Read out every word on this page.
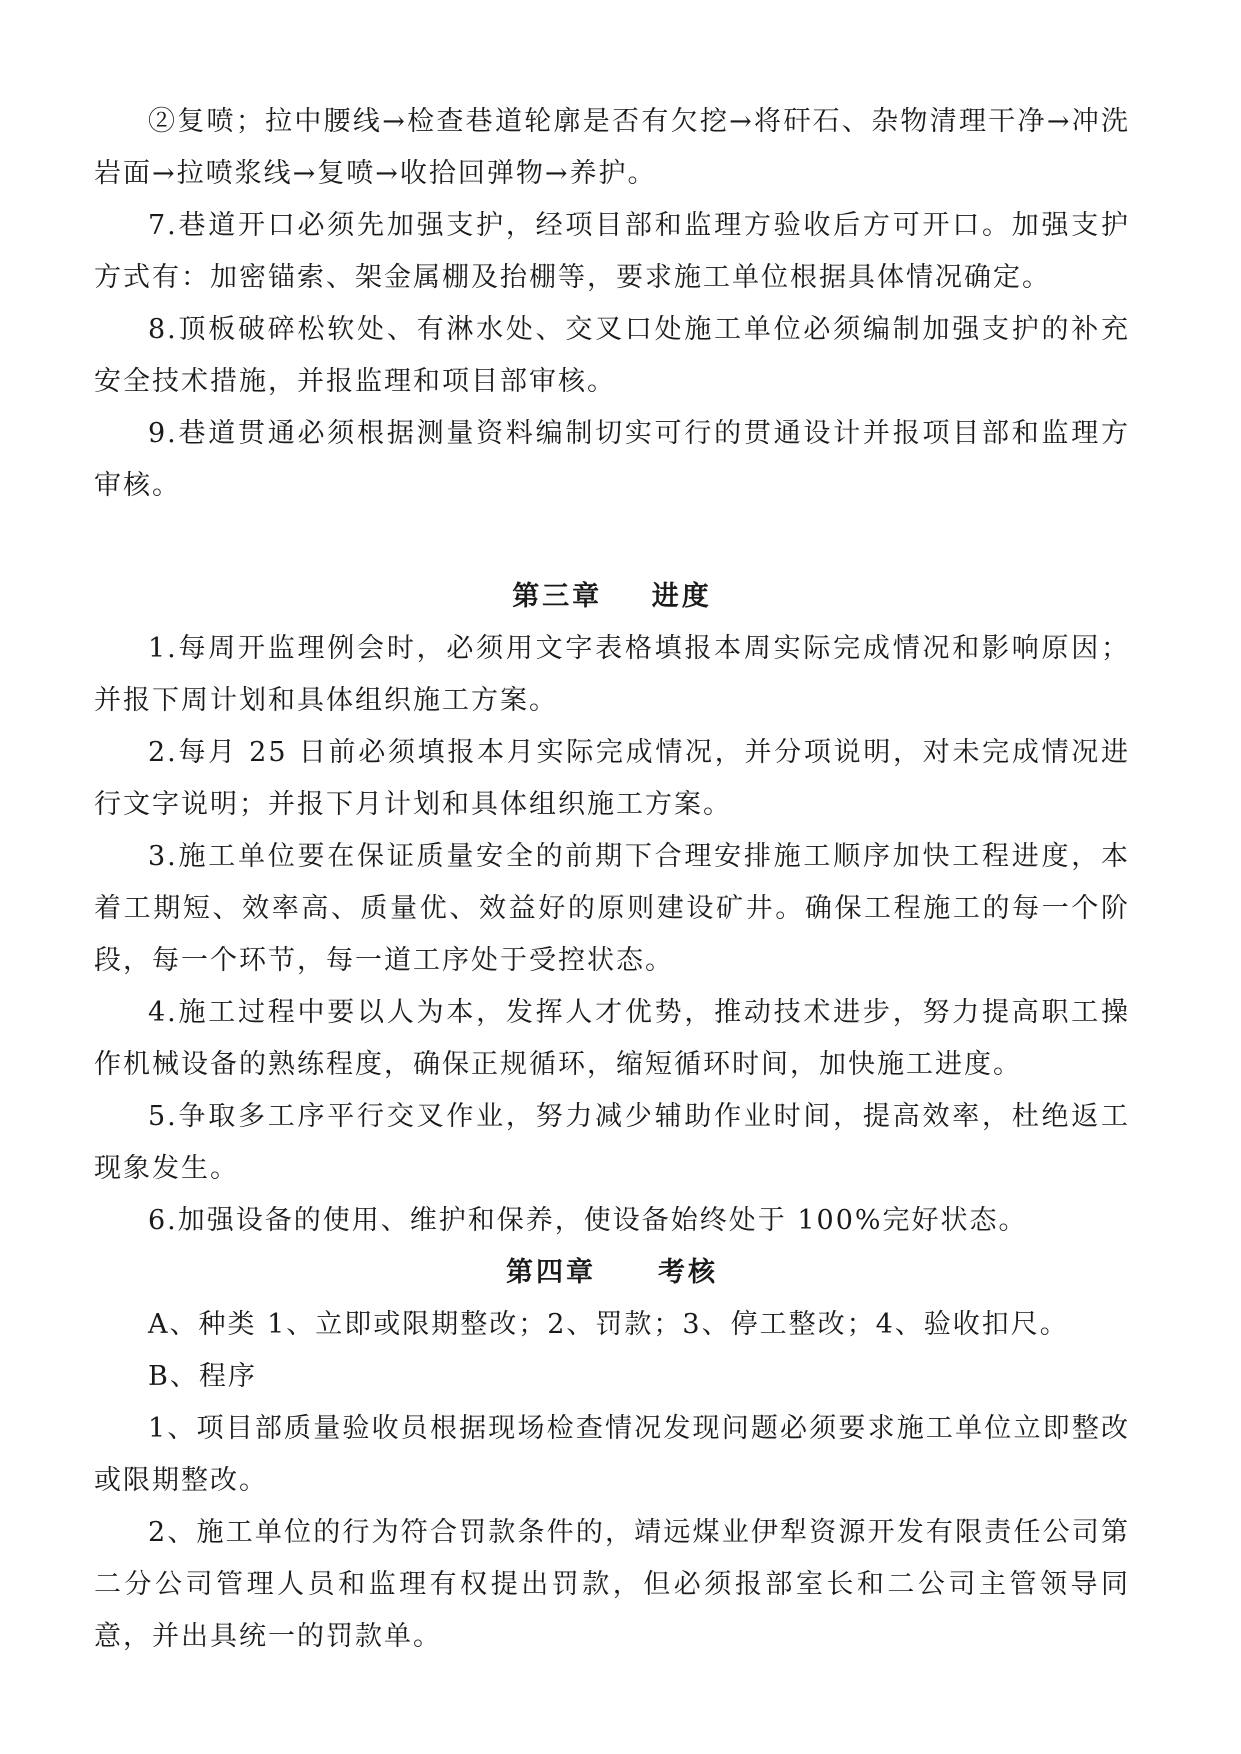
②复喷；拉中腰线→检查巷道轮廓是否有欠挖→将矸石、杂物清理干净→冲洗岩面→拉喷浆线→复喷→收拾回弹物→养护。

7.巷道开口必须先加强支护，经项目部和监理方验收后方可开口。加强支护方式有：加密锚索、架金属棚及抬棚等，要求施工单位根据具体情况确定。

8.顶板破碎松软处、有淋水处、交叉口处施工单位必须编制加强支护的补充安全技术措施，并报监理和项目部审核。

9.巷道贯通必须根据测量资料编制切实可行的贯通设计并报项目部和监理方审核。

第三章    进度

1.每周开监理例会时，必须用文字表格填报本周实际完成情况和影响原因；并报下周计划和具体组织施工方案。

2.每月 25 日前必须填报本月实际完成情况，并分项说明，对未完成情况进行文字说明；并报下月计划和具体组织施工方案。

3.施工单位要在保证质量安全的前期下合理安排施工顺序加快工程进度，本着工期短、效率高、质量优、效益好的原则建设矿井。确保工程施工的每一个阶段，每一个环节，每一道工序处于受控状态。

4.施工过程中要以人为本，发挥人才优势，推动技术进步，努力提高职工操作机械设备的熟练程度，确保正规循环，缩短循环时间，加快施工进度。

5.争取多工序平行交叉作业，努力减少辅助作业时间，提高效率，杜绝返工现象发生。

6.加强设备的使用、维护和保养，使设备始终处于 100%完好状态。

第四章     考核

A、种类 1、立即或限期整改；2、罚款；3、停工整改；4、验收扣尺。

B、程序

1、项目部质量验收员根据现场检查情况发现问题必须要求施工单位立即整改或限期整改。

2、施工单位的行为符合罚款条件的，靖远煤业伊犁资源开发有限责任公司第二分公司管理人员和监理有权提出罚款，但必须报部室长和二公司主管领导同意，并出具统一的罚款单。
